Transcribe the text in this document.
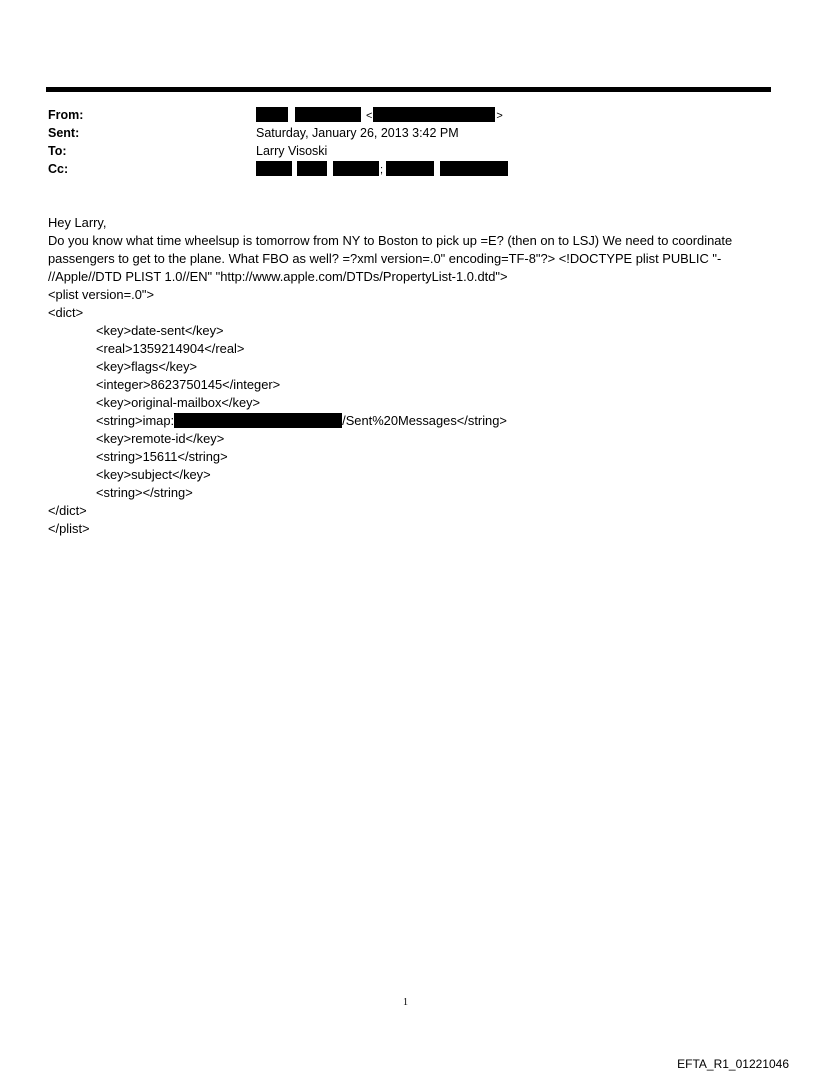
From:	<	>
Sent:	Saturday, January 26, 2013 3:42 PM
To:	Larry Visoski
Cc:	;
Hey Larry,
Do you know what time wheelsup is tomorrow from NY to Boston to pick up =E? (then on to LSJ) We need to coordinate
passengers to get to the plane. What FBO as well? =?xml version=.0" encoding=TF-8"?> <!DOCTYPE plist PUBLIC "-
//Apple//DTD PLIST 1.0//EN" "http://www.apple.com/DTDs/PropertyList-1.0.dtd">
<plist version=.0">
<dict>
<key>date-sent</key>
<real>1359214904</real>
<key>flags</key>
<integer>8623750145</integer>
<key>original-mailbox</key>
<string>imap:	/Sent%20Messages</string>
<key>remote-id</key>
<string>15611</string>
<key>subject</key>
<string></string>
</dict>
</plist>
1
EFTA_R1_01221046
